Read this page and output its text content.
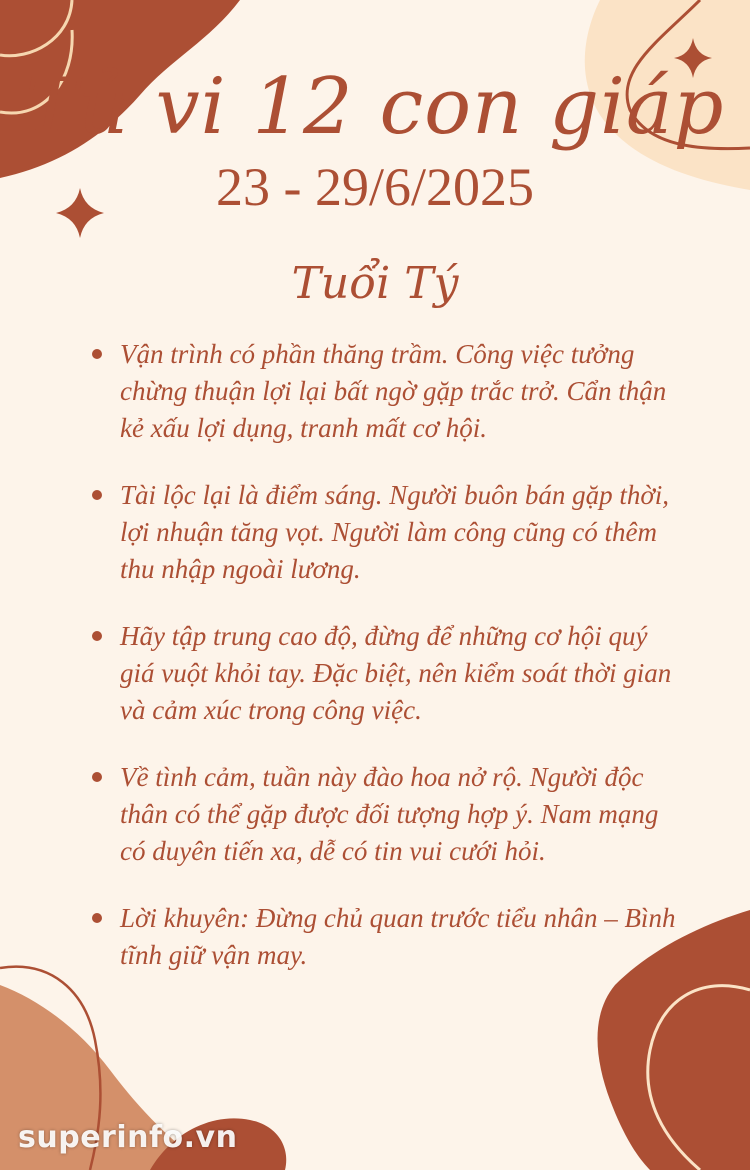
Tử vi 12 con giáp
23 - 29/6/2025
Tuổi Tý
Vận trình có phần thăng trầm. Công việc tưởng chừng thuận lợi lại bất ngờ gặp trắc trở. Cẩn thận kẻ xấu lợi dụng, tranh mất cơ hội.
Tài lộc lại là điểm sáng. Người buôn bán gặp thời, lợi nhuận tăng vọt. Người làm công cũng có thêm thu nhập ngoài lương.
Hãy tập trung cao độ, đừng để những cơ hội quý giá vuột khỏi tay. Đặc biệt, nên kiểm soát thời gian và cảm xúc trong công việc.
Về tình cảm, tuần này đào hoa nở rộ. Người độc thân có thể gặp được đối tượng hợp ý. Nam mạng có duyên tiến xa, dễ có tin vui cưới hỏi.
Lời khuyên: Đừng chủ quan trước tiểu nhân – Bình tĩnh giữ vận may.
superinfo.vn
